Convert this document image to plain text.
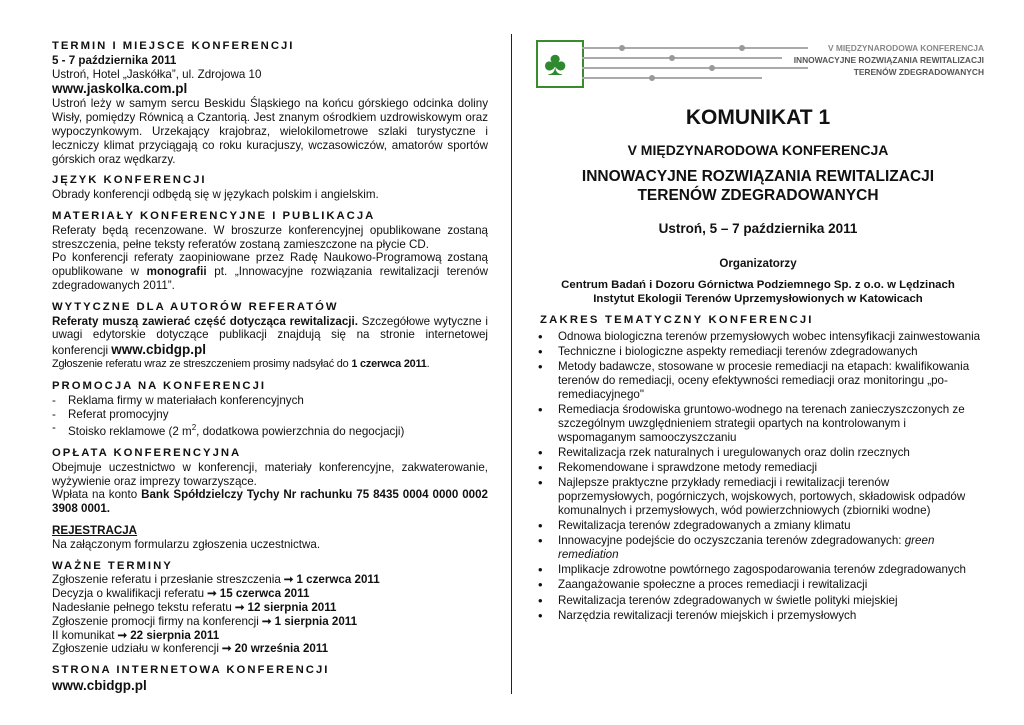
TERMIN I MIEJSCE KONFERENCJI

5 - 7 października 2011

Ustroń, Hotel „Jaskółka”, ul. Zdrojowa 10

www.jaskolka.com.pl

Ustroń leży w samym sercu Beskidu Śląskiego na końcu górskiego odcinka doliny Wisły, pomiędzy Równicą a Czantorią. Jest znanym ośrodkiem uzdrowiskowym oraz wypoczynkowym. Urzekający krajobraz, wielokilometrowe szlaki turystyczne i leczniczy klimat przyciągają co roku kuracjuszy, wczasowiczów, amatorów sportów górskich oraz wędkarzy.

JĘZYK KONFERENCJI

Obrady konferencji odbędą się w językach polskim i angielskim.

MATERIAŁY KONFERENCYJNE I PUBLIKACJA

Referaty będą recenzowane. W broszurze konferencyjnej opublikowane zostaną streszczenia, pełne teksty referatów zostaną zamieszczone na płycie CD.

Po konferencji referaty zaopiniowane przez Radę Naukowo-Programową zostaną opublikowane w monografii pt. „Innowacyjne rozwiązania rewitalizacji terenów zdegradowanych 2011”.

WYTYCZNE DLA AUTORÓW REFERATÓW

Referaty muszą zawierać część dotycząca rewitalizacji. Szczegółowe wytyczne i uwagi edytorskie dotyczące publikacji znajdują się na stronie internetowej konferencji www.cbidgp.pl

Zgłoszenie referatu wraz ze streszczeniem prosimy nadsyłać do 1 czerwca 2011.

PROMOCJA NA KONFERENCJI
- Reklama firmy w materiałach konferencyjnych
- Referat promocyjny
- Stoisko reklamowe (2 $m^2$, dodatkowa powierzchnia do negocjacji)
OPŁATA KONFERENCYJNA

Obejmuje uczestnictwo w konferencji, materiały konferencyjne, zakwaterowanie, wyżywienie oraz imprezy towarzyszące.

Wpłata na konto Bank Spółdzielczy Tychy Nr rachunku 75 8435 0004 0000 0002 3908 0001.

REJESTRACJA

Na załączonym formularzu zgłoszenia uczestnictwa.

WAŻNE TERMINY
Zgłoszenie referatu i przesłanie streszczenia ➞ 1 czerwca 2011
Decyzja o kwalifikacji referatu ➞ 15 czerwca 2011
Nadesłanie pełnego tekstu referatu ➞ 12 sierpnia 2011
Zgłoszenie promocji firmy na konferencji ➞ 1 sierpnia 2011
II komunikat ➞ 22 sierpnia 2011
Zgłoszenie udziału w konferencji ➞ 20 września 2011
STRONA INTERNETOWA KONFERENCJI

www.cbidgp.pl

♣	V MIĘDZYNARODOWA KONFERENCJA
INNOWACYJNE ROZWIĄZANIA REWITALIZACJI
TERENÓW ZDEGRADOWANYCH
KOMUNIKAT 1
V MIĘDZYNARODOWA KONFERENCJA
INNOWACYJNE ROZWIĄZANIA REWITALIZACJI
TERENÓW ZDEGRADOWANYCH
Ustroń, 5 – 7 października 2011
Organizatorzy
Centrum Badań i Dozoru Górnictwa Podziemnego Sp. z o.o. w Lędzinach
Instytut Ekologii Terenów Uprzemysłowionych w Katowicach
ZAKRES TEMATYCZNY KONFERENCJI
• Odnowa biologiczna terenów przemysłowych wobec intensyfikacji zainwestowania
• Techniczne i biologiczne aspekty remediacji terenów zdegradowanych
• Metody badawcze, stosowane w procesie remediacji na etapach: kwalifikowania terenów do remediacji, oceny efektywności remediacji oraz monitoringu „po-remediacyjnego"
• Remediacja środowiska gruntowo-wodnego na terenach zanieczyszczonych ze szczególnym uwzględnieniem strategii opartych na kontrolowanym i wspomaganym samooczyszczaniu
• Rewitalizacja rzek naturalnych i uregulowanych oraz dolin rzecznych
• Rekomendowane i sprawdzone metody remediacji
• Najlepsze praktyczne przykłady remediacji i rewitalizacji terenów poprzemysłowych, pogórniczych, wojskowych, portowych, składowisk odpadów komunalnych i przemysłowych, wód powierzchniowych (zbiorniki wodne)
• Rewitalizacja terenów zdegradowanych a zmiany klimatu
• Innowacyjne podejście do oczyszczania terenów zdegradowanych: green remediation
• Implikacje zdrowotne powtórnego zagospodarowania terenów zdegradowanych
• Zaangażowanie społeczne a proces remediacji i rewitalizacji
• Rewitalizacja terenów zdegradowanych w świetle polityki miejskiej
• Narzędzia rewitalizacji terenów miejskich i przemysłowych
